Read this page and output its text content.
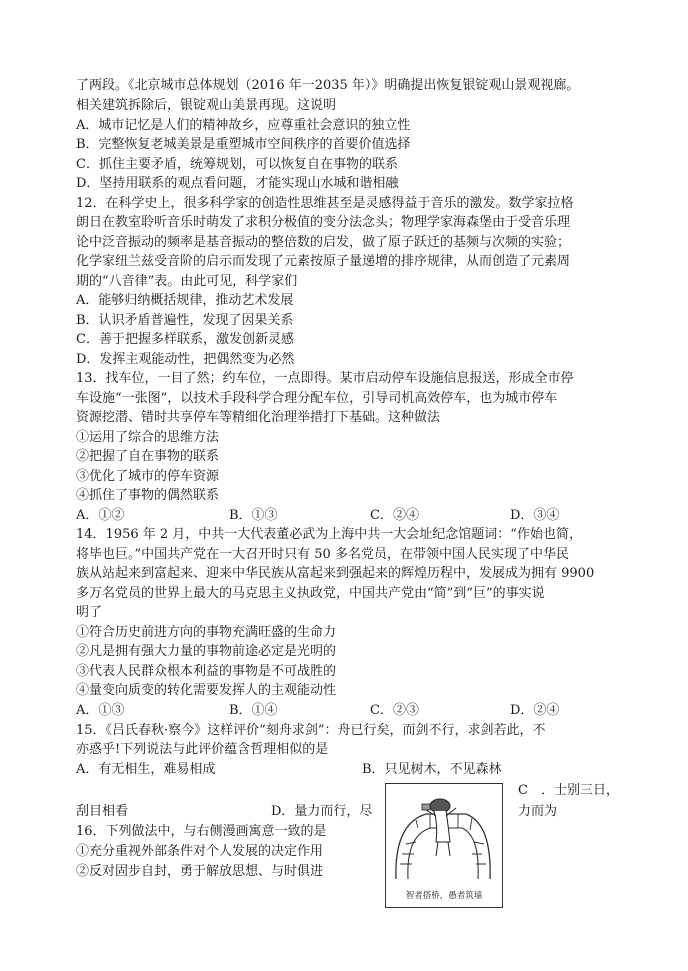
了两段。《北京城市总体规划（2016 年一2035 年）》明确提出恢复银锭观山景观视廊。
相关建筑拆除后，银锭观山美景再现。这说明
A．城市记忆是人们的精神故乡，应尊重社会意识的独立性
B．完整恢复老城美景是重塑城市空间秩序的首要价值选择
C．抓住主要矛盾，统筹规划，可以恢复自在事物的联系
D．坚持用联系的观点看问题，才能实现山水城和谐相融
12．在科学史上，很多科学家的创造性思维甚至是灵感得益于音乐的激发。数学家拉格
朗日在教室聆听音乐时萌发了求积分极值的变分法念头；物理学家海森堡由于受音乐理
论中泛音振动的频率是基音振动的整倍数的启发，做了原子跃迁的基频与次频的实验；
化学家纽兰兹受音阶的启示而发现了元素按原子量递增的排序规律，从而创造了元素周
期的“八音律”表。由此可见，科学家们
A．能够归纳概括规律，推动艺术发展
B．认识矛盾普遍性，发现了因果关系
C．善于把握多样联系，激发创新灵感
D．发挥主观能动性，把偶然变为必然
13．找车位，一目了然；约车位，一点即得。某市启动停车设施信息报送，形成全市停
车设施“一张图”，以技术手段科学合理分配车位，引导司机高效停车，也为城市停车
资源挖潜、错时共享停车等精细化治理举措打下基础。这种做法
①运用了综合的思维方法
②把握了自在事物的联系
③优化了城市的停车资源
④抓住了事物的偶然联系
A．①②	B．①③	C．②④	D．③④
14．1956 年 2 月，中共一大代表董必武为上海中共一大会址纪念馆题词：“作始也简，
将毕也巨。”中国共产党在一大召开时只有 50 多名党员，在带领中国人民实现了中华民
族从站起来到富起来、迎来中华民族从富起来到强起来的辉煌历程中，发展成为拥有 9900
多万名党员的世界上最大的马克思主义执政党，中国共产党由“简”到“巨”的事实说
明了
①符合历史前进方向的事物充满旺盛的生命力
②凡是拥有强大力量的事物前途必定是光明的
③代表人民群众根本利益的事物是不可战胜的
④量变向质变的转化需要发挥人的主观能动性
A．①③	B．①④	C．②③	D．②④
15．《吕氏春秋·察今》这样评价“刻舟求剑”：舟已行矣，而剑不行，求剑若此，不
亦惑乎!下列说法与此评价蕴含哲理相似的是
A．有无相生，难易相成	B．只见树木，不见森林
C　．士别三日，
刮目相看	D．量力而行，尽	力而为
16．下列做法中，与右侧漫画寓意一致的是
①充分重视外部条件对个人发展的决定作用
②反对固步自封，勇于解放思想、与时俱进
智者搭桥，愚者筑墙
